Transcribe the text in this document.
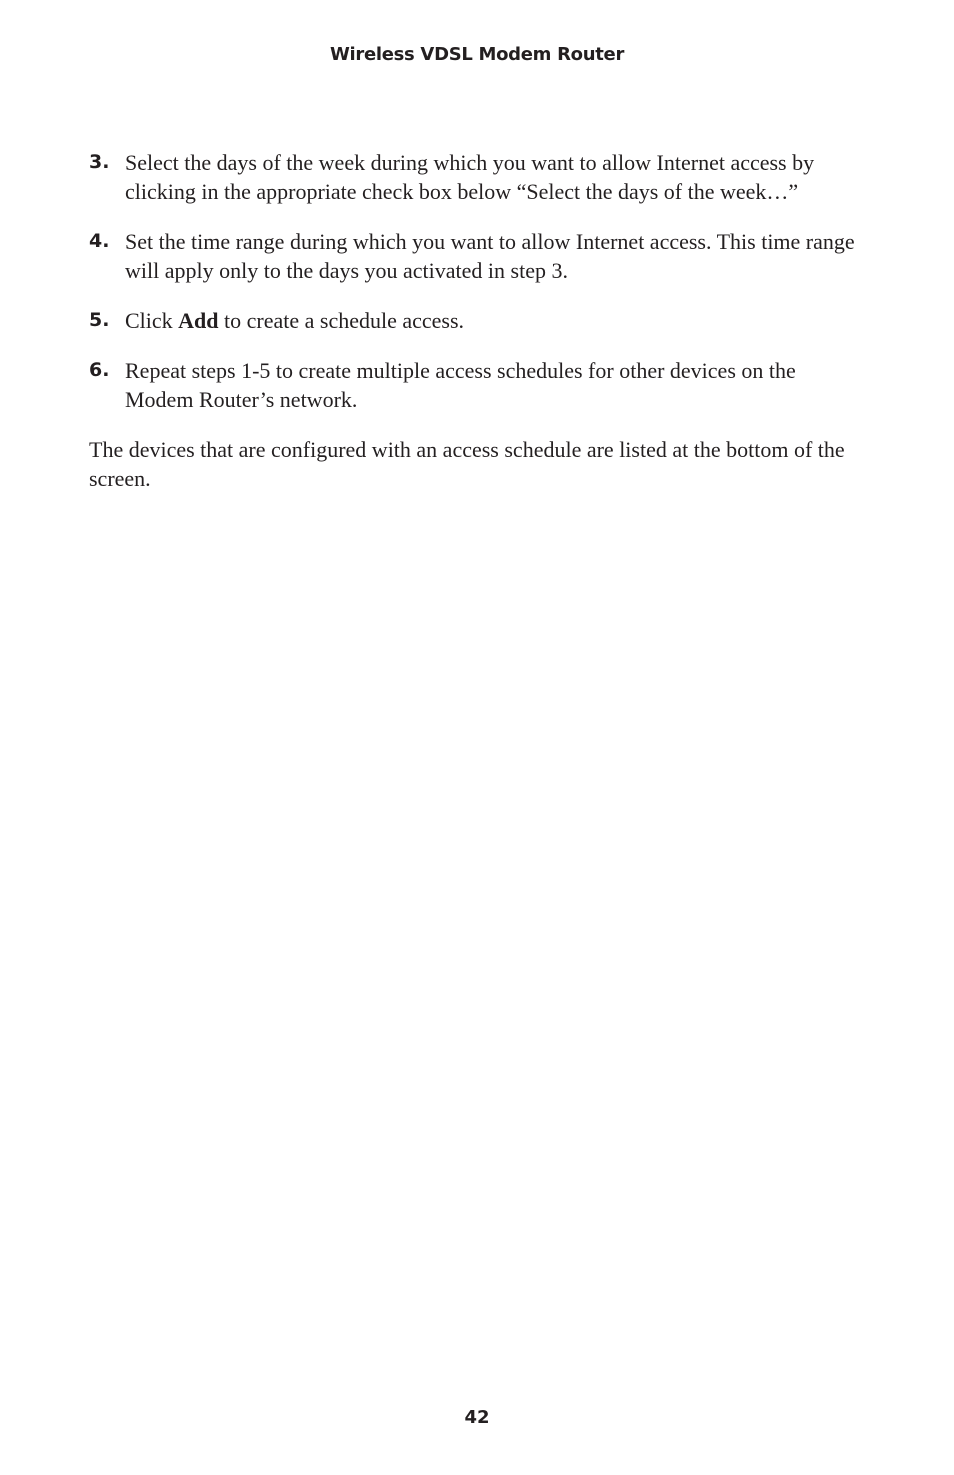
Wireless VDSL Modem Router
3. Select the days of the week during which you want to allow Internet access by clicking in the appropriate check box below “Select the days of the week…”
4. Set the time range during which you want to allow Internet access. This time range will apply only to the days you activated in step 3.
5. Click Add to create a schedule access.
6. Repeat steps 1-5 to create multiple access schedules for other devices on the Modem Router’s network.

The devices that are configured with an access schedule are listed at the bottom of the screen.

42
